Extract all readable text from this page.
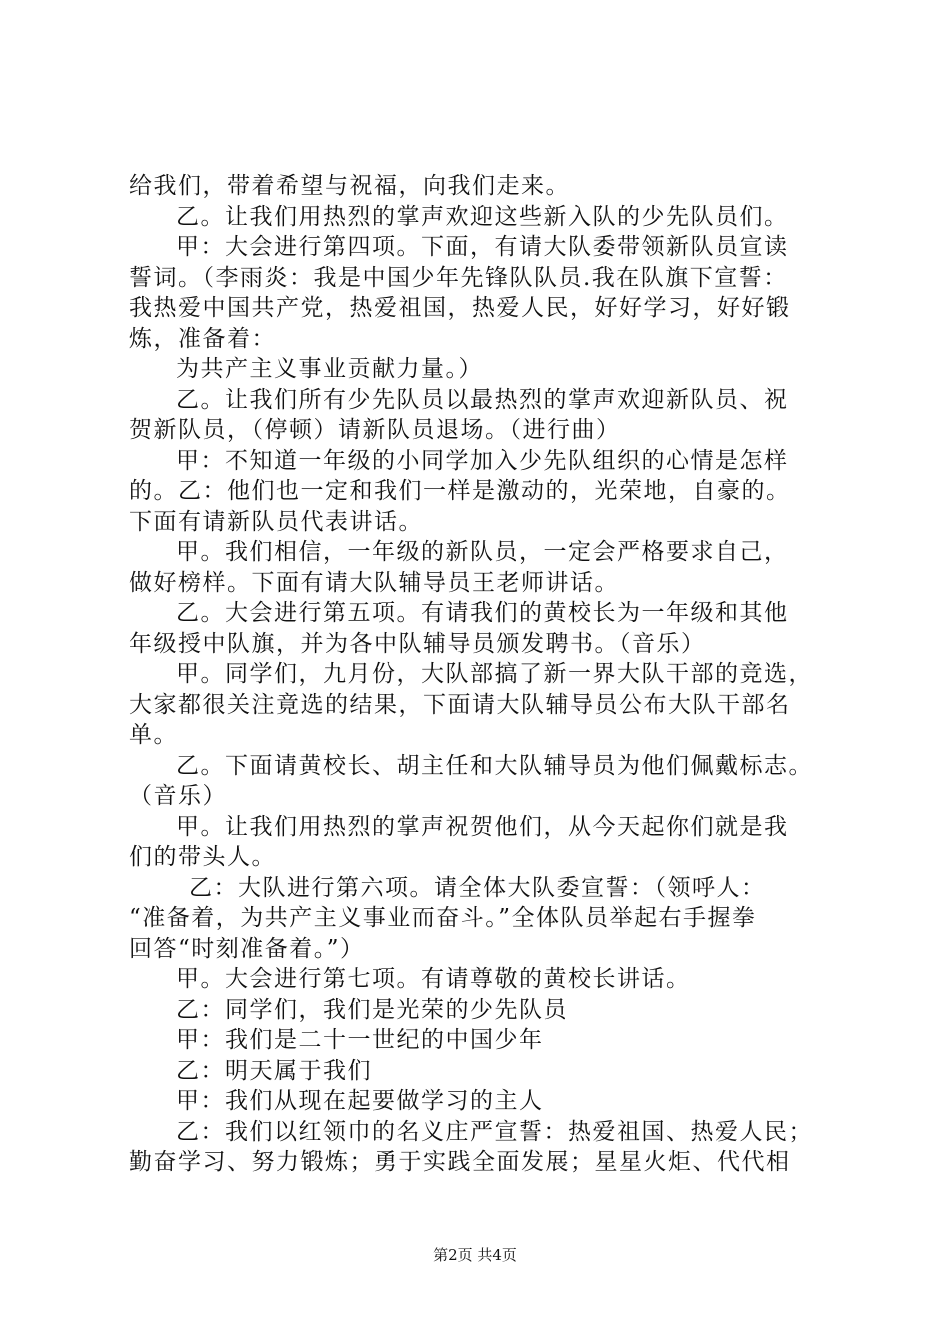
给我们，带着希望与祝福，向我们走来。
乙。让我们用热烈的掌声欢迎这些新入队的少先队员们。
甲：大会进行第四项。下面，有请大队委带领新队员宣读
誓词。（李雨炎：我是中国少年先锋队队员.我在队旗下宣誓：
我热爱中国共产党，热爱祖国，热爱人民，好好学习，好好锻
炼，准备着：
为共产主义事业贡献力量。）
乙。让我们所有少先队员以最热烈的掌声欢迎新队员、祝
贺新队员，（停顿）请新队员退场。（进行曲）
甲：不知道一年级的小同学加入少先队组织的心情是怎样
的。乙：他们也一定和我们一样是激动的，光荣地，自豪的。
下面有请新队员代表讲话。
甲。我们相信，一年级的新队员，一定会严格要求自己，
做好榜样。下面有请大队辅导员王老师讲话。
乙。大会进行第五项。有请我们的黄校长为一年级和其他
年级授中队旗，并为各中队辅导员颁发聘书。（音乐）
甲。同学们，九月份，大队部搞了新一界大队干部的竞选，
大家都很关注竟选的结果，下面请大队辅导员公布大队干部名
单。
乙。下面请黄校长、胡主任和大队辅导员为他们佩戴标志。
（音乐）
甲。让我们用热烈的掌声祝贺他们，从今天起你们就是我
们的带头人。
乙：大队进行第六项。请全体大队委宣誓：（领呼人：
“准备着，为共产主义事业而奋斗。”全体队员举起右手握拳
回答“时刻准备着。”）
甲。大会进行第七项。有请尊敬的黄校长讲话。
乙：同学们，我们是光荣的少先队员
甲：我们是二十一世纪的中国少年
乙：明天属于我们
甲：我们从现在起要做学习的主人
乙：我们以红领巾的名义庄严宣誓：热爱祖国、热爱人民；
勤奋学习、努力锻炼；勇于实践全面发展；星星火炬、代代相
第2页 共4页
